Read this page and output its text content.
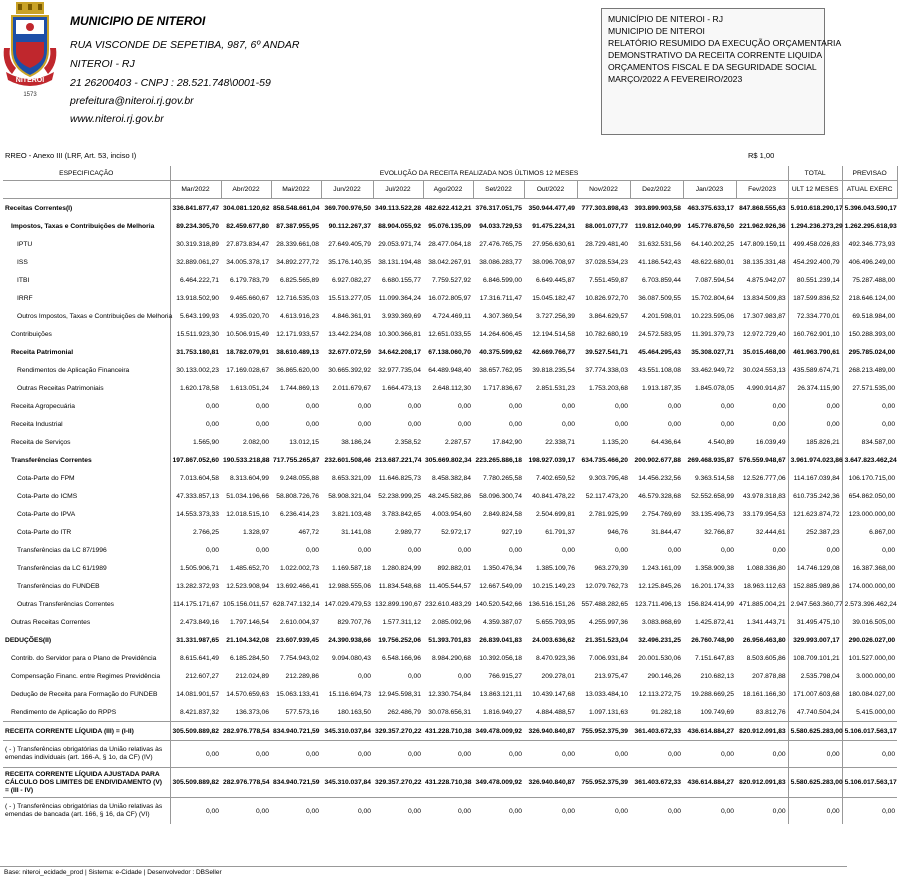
NITEROI
1573
MUNICIPIO DE NITEROI
RUA VISCONDE DE SEPETIBA, 987, 6º ANDAR
NITEROI - RJ
21 26200403 - CNPJ : 28.521.748\0001-59
prefeitura@niteroi.rj.gov.br
www.niteroi.rj.gov.br
MUNICÍPIO DE NITEROI - RJ
MUNICIPIO DE NITEROI
RELATÓRIO RESUMIDO DA EXECUÇÃO ORÇAMENTARIA
DEMONSTRATIVO DA RECEITA CORRENTE LIQUIDA
ORÇAMENTOS FISCAL E DA SEGURIDADE SOCIAL
MARÇO/2022 A FEVEREIRO/2023
RREO - Anexo III (LRF, Art. 53, inciso I)	R$ 1,00
ESPECIFICAÇÃO	EVOLUÇÃO DA RECEITA REALIZADA NOS ÚLTIMOS 12 MESES												TOTAL	PREVISAO
	Mar/2022	Abr/2022	Mai/2022	Jun/2022	Jul/2022	Ago/2022	Set/2022	Out/2022	Nov/2022	Dez/2022	Jan/2023	Fev/2023	ULT 12 MESES	ATUAL EXERC
Receitas Correntes(I)	336.841.877,47	304.081.120,62	858.548.661,04	369.700.976,50	349.113.522,28	482.622.412,21	376.317.051,75	350.944.477,49	777.303.898,43	393.899.903,58	463.375.633,17	847.868.555,63	5.910.618.290,17	5.396.043.590,17
Impostos, Taxas e Contribuições de Melhoria	89.234.305,70	82.459.677,80	87.387.955,95	90.112.267,37	88.904.055,92	95.076.135,09	94.033.729,53	91.475.224,31	88.001.077,77	119.812.040,99	145.776.876,50	221.962.926,36	1.294.236.273,29	1.262.295.618,93
IPTU	30.319.318,89	27.873.834,47	28.339.661,08	27.649.405,79	29.053.971,74	28.477.064,18	27.476.765,75	27.956.630,61	28.729.481,40	31.632.531,56	64.140.202,25	147.809.159,11	499.458.026,83	492.346.773,93
ISS	32.889.061,27	34.005.378,17	34.892.277,72	35.176.140,35	38.131.194,48	38.042.267,91	38.086.283,77	38.096.708,97	37.028.534,23	41.186.542,43	48.622.680,01	38.135.331,48	454.292.400,79	406.496.249,00
ITBI	6.464.222,71	6.179.783,79	6.825.565,89	6.927.082,27	6.680.155,77	7.759.527,92	6.846.599,00	6.649.445,87	7.551.459,87	6.703.859,44	7.087.594,54	4.875.942,07	80.551.239,14	75.287.488,00
IRRF	13.918.502,90	9.465.660,67	12.716.535,03	15.513.277,05	11.099.364,24	16.072.805,97	17.316.711,47	15.045.182,47	10.826.972,70	36.087.509,55	15.702.804,64	13.834.509,83	187.599.836,52	218.646.124,00
Outros Impostos, Taxas e Contribuições de Melhoria	5.643.199,93	4.935.020,70	4.613.916,23	4.846.361,91	3.939.369,69	4.724.469,11	4.307.369,54	3.727.256,39	3.864.629,57	4.201.598,01	10.223.595,06	17.307.983,87	72.334.770,01	69.518.984,00
Contribuições	15.511.923,30	10.506.915,49	12.171.933,57	13.442.234,08	10.300.366,81	12.651.033,55	14.264.606,45	12.194.514,58	10.782.680,19	24.572.583,95	11.391.379,73	12.972.729,40	160.762.901,10	150.288.393,00
Receita Patrimonial	31.753.180,81	18.782.079,91	38.610.489,13	32.677.072,59	34.642.208,17	67.138.060,70	40.375.599,62	42.669.766,77	39.527.541,71	45.464.295,43	35.308.027,71	35.015.468,00	461.963.790,61	295.785.024,00
Rendimentos de Aplicação Financeira	30.133.002,23	17.169.028,67	36.865.620,00	30.665.392,92	32.977.735,04	64.489.948,40	38.657.762,95	39.818.235,54	37.774.338,03	43.551.108,08	33.462.949,72	30.024.553,13	435.589.674,71	268.213.489,00
Outras Receitas Patrimoniais	1.620.178,58	1.613.051,24	1.744.869,13	2.011.679,67	1.664.473,13	2.648.112,30	1.717.836,67	2.851.531,23	1.753.203,68	1.913.187,35	1.845.078,05	4.990.914,87	26.374.115,90	27.571.535,00
Receita Agropecuária	0,00	0,00	0,00	0,00	0,00	0,00	0,00	0,00	0,00	0,00	0,00	0,00	0,00	0,00
Receita Industrial	0,00	0,00	0,00	0,00	0,00	0,00	0,00	0,00	0,00	0,00	0,00	0,00	0,00	0,00
Receita de Serviços	1.565,90	2.082,00	13.012,15	38.186,24	2.358,52	2.287,57	17.842,90	22.338,71	1.135,20	64.436,64	4.540,89	16.039,49	185.826,21	834.587,00
Transferências Correntes	197.867.052,60	190.533.218,88	717.755.265,87	232.601.508,46	213.687.221,74	305.669.802,34	223.265.886,18	198.927.039,17	634.735.466,20	200.902.677,88	269.468.935,87	576.559.948,67	3.961.974.023,86	3.647.823.462,24
Cota-Parte do FPM	7.013.604,58	8.313.604,99	9.248.055,88	8.653.321,09	11.646.825,73	8.458.382,84	7.780.265,58	7.402.659,52	9.303.795,48	14.456.232,56	9.363.514,58	12.526.777,06	114.167.039,84	106.170.715,00
Cota-Parte do ICMS	47.333.857,13	51.034.196,66	58.808.726,76	58.908.321,04	52.238.999,25	48.245.582,86	58.096.300,74	40.841.478,22	52.117.473,20	46.579.328,68	52.552.658,99	43.978.318,83	610.735.242,36	654.862.050,00
Cota-Parte do IPVA	14.553.373,33	12.018.515,10	6.236.414,23	3.821.103,48	3.783.842,65	4.003.954,60	2.849.824,58	2.504.699,81	2.781.925,99	2.754.769,69	33.135.496,73	33.179.954,53	121.623.874,72	123.000.000,00
Cota-Parte do ITR	2.766,25	1.328,97	467,72	31.141,08	2.989,77	52.972,17	927,19	61.791,37	946,76	31.844,47	32.766,87	32.444,61	252.387,23	6.867,00
Transferências da LC 87/1996	0,00	0,00	0,00	0,00	0,00	0,00	0,00	0,00	0,00	0,00	0,00	0,00	0,00	0,00
Transferências da LC 61/1989	1.505.906,71	1.485.652,70	1.022.002,73	1.169.587,18	1.280.824,99	892.882,01	1.350.476,34	1.385.109,76	963.279,39	1.243.161,09	1.358.909,38	1.088.336,80	14.746.129,08	16.387.368,00
Transferências do FUNDEB	13.282.372,93	12.523.908,94	13.692.466,41	12.988.555,06	11.834.548,68	11.405.544,57	12.667.549,09	10.215.149,23	12.079.762,73	12.125.845,26	16.201.174,33	18.963.112,63	152.885.989,86	174.000.000,00
Outras Transferências Correntes	114.175.171,67	105.156.011,57	628.747.132,14	147.029.479,53	132.899.190,67	232.610.483,29	140.520.542,66	136.516.151,26	557.488.282,65	123.711.496,13	156.824.414,99	471.885.004,21	2.947.563.360,77	2.573.396.462,24
Outras Receitas Correntes	2.473.849,16	1.797.146,54	2.610.004,37	829.707,76	1.577.311,12	2.085.092,96	4.359.387,07	5.655.793,95	4.255.997,36	3.083.868,69	1.425.872,41	1.341.443,71	31.495.475,10	39.016.505,00
DEDUÇÕES(II)	31.331.987,65	21.104.342,08	23.607.939,45	24.390.938,66	19.756.252,06	51.393.701,83	26.839.041,83	24.003.636,62	21.351.523,04	32.496.231,25	26.760.748,90	26.956.463,80	329.993.007,17	290.026.027,00
Contrib. do Servidor para o Plano de Previdência	8.615.641,49	6.185.284,50	7.754.943,02	9.094.080,43	6.548.166,96	8.984.290,68	10.392.056,18	8.470.923,36	7.006.931,84	20.001.530,06	7.151.647,83	8.503.605,86	108.709.101,21	101.527.000,00
Compensação Financ. entre Regimes Previdência	212.607,27	212.024,89	212.289,86	0,00	0,00	0,00	766.915,27	209.278,01	213.975,47	290.146,26	210.682,13	207.878,88	2.535.798,04	3.000.000,00
Dedução de Receita para Formação do FUNDEB	14.081.901,57	14.570.659,63	15.063.133,41	15.116.694,73	12.945.598,31	12.330.754,84	13.863.121,11	10.439.147,68	13.033.484,10	12.113.272,75	19.288.669,25	18.161.166,30	171.007.603,68	180.084.027,00
Rendimento de Aplicação do RPPS	8.421.837,32	136.373,06	577.573,16	180.163,50	262.486,79	30.078.656,31	1.816.949,27	4.884.488,57	1.097.131,63	91.282,18	109.749,69	83.812,76	47.740.504,24	5.415.000,00
RECEITA CORRENTE LÍQUIDA (III) = (I-II)	305.509.889,82	282.976.778,54	834.940.721,59	345.310.037,84	329.357.270,22	431.228.710,38	349.478.009,92	326.940.840,87	755.952.375,39	361.403.672,33	436.614.884,27	820.912.091,83	5.580.625.283,00	5.106.017.563,17
( - ) Transferências obrigatórias da União relativas às emendas individuais (art. 166-A, § 1o, da CF) (IV)	0,00	0,00	0,00	0,00	0,00	0,00	0,00	0,00	0,00	0,00	0,00	0,00	0,00	0,00
RECEITA CORRENTE LÍQUIDA AJUSTADA PARA CÁLCULO DOS LIMITES DE ENDIVIDAMENTO (V) = (III - IV)	305.509.889,82	282.976.778,54	834.940.721,59	345.310.037,84	329.357.270,22	431.228.710,38	349.478.009,92	326.940.840,87	755.952.375,39	361.403.672,33	436.614.884,27	820.912.091,83	5.580.625.283,00	5.106.017.563,17
( - ) Transferências obrigatórias da União relativas às emendas de bancada (art. 166, § 16, da CF) (VI)	0,00	0,00	0,00	0,00	0,00	0,00	0,00	0,00	0,00	0,00	0,00	0,00	0,00	0,00
Base: niteroi_ecidade_prod | Sistema: e-Cidade | Desenvolvedor : DBSeller
